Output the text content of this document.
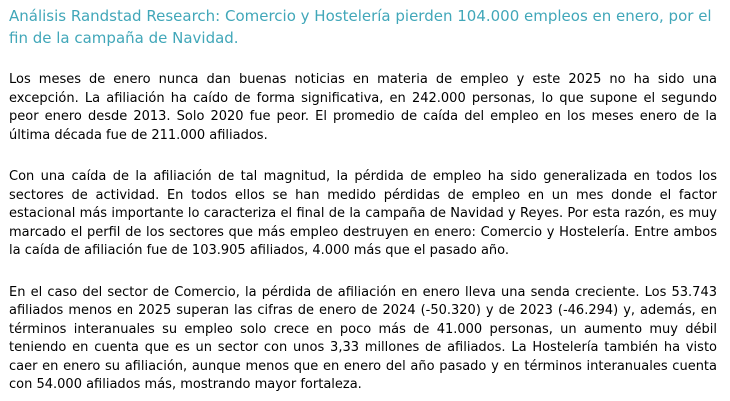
Análisis Randstad Research: Comercio y Hostelería pierden 104.000 empleos en enero, por el fin de la campaña de Navidad.

Los meses de enero nunca dan buenas noticias en materia de empleo y este 2025 no ha sido una excepción. La afiliación ha caído de forma significativa, en 242.000 personas, lo que supone el segundo peor enero desde 2013. Solo 2020 fue peor. El promedio de caída del empleo en los meses enero de la última década fue de 211.000 afiliados.

Con una caída de la afiliación de tal magnitud, la pérdida de empleo ha sido generalizada en todos los sectores de actividad. En todos ellos se han medido pérdidas de empleo en un mes donde el factor estacional más importante lo caracteriza el final de la campaña de Navidad y Reyes. Por esta razón, es muy marcado el perfil de los sectores que más empleo destruyen en enero: Comercio y Hostelería. Entre ambos la caída de afiliación fue de 103.905 afiliados, 4.000 más que el pasado año.

En el caso del sector de Comercio, la pérdida de afiliación en enero lleva una senda creciente. Los 53.743 afiliados menos en 2025 superan las cifras de enero de 2024 (-50.320) y de 2023 (-46.294) y, además, en términos interanuales su empleo solo crece en poco más de 41.000 personas, un aumento muy débil teniendo en cuenta que es un sector con unos 3,33 millones de afiliados. La Hostelería también ha visto caer en enero su afiliación, aunque menos que en enero del año pasado y en términos interanuales cuenta con 54.000 afiliados más, mostrando mayor fortaleza.
